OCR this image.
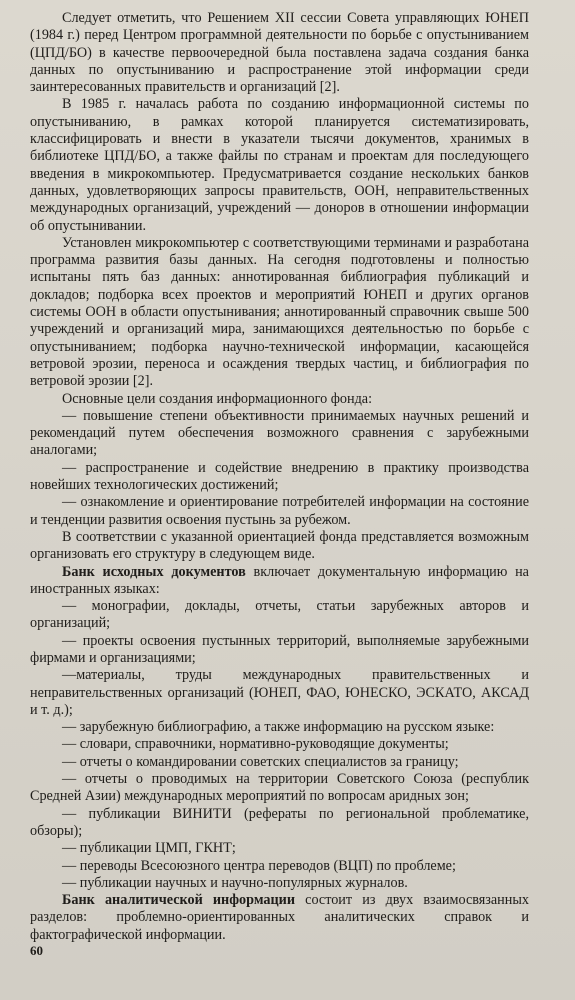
Следует отметить, что Решением XII сессии Совета управляющих ЮНЕП (1984 г.) перед Центром программной деятельности по борьбе с опустыниванием (ЦПД/БО) в качестве первоочередной была поставлена задача создания банка данных по опустыниванию и распространение этой информации среди заинтересованных правительств и организаций [2].

В 1985 г. началась работа по созданию информационной системы по опустыниванию, в рамках которой планируется систематизировать, классифицировать и внести в указатели тысячи документов, хранимых в библиотеке ЦПД/БО, а также файлы по странам и проектам для последующего введения в микрокомпьютер. Предусматривается создание нескольких банков данных, удовлетворяющих запросы правительств, ООН, неправительственных международных организаций, учреждений — доноров в отношении информации об опустынивании.

Установлен микрокомпьютер с соответствующими терминами и разработана программа развития базы данных. На сегодня подготовлены и полностью испытаны пять баз данных: аннотированная библиография публикаций и докладов; подборка всех проектов и мероприятий ЮНЕП и других органов системы ООН в области опустынивания; аннотированный справочник свыше 500 учреждений и организаций мира, занимающихся деятельностью по борьбе с опустыниванием; подборка научно-технической информации, касающейся ветровой эрозии, переноса и осаждения твердых частиц, и библиография по ветровой эрозии [2].

Основные цели создания информационного фонда:

— повышение степени объективности принимаемых научных решений и рекомендаций путем обеспечения возможного сравнения с зарубежными аналогами;

— распространение и содействие внедрению в практику производства новейших технологических достижений;

— ознакомление и ориентирование потребителей информации на состояние и тенденции развития освоения пустынь за рубежом.

В соответствии с указанной ориентацией фонда представляется возможным организовать его структуру в следующем виде.

Банк исходных документов включает документальную информацию на иностранных языках:

— монографии, доклады, отчеты, статьи зарубежных авторов и организаций;

— проекты освоения пустынных территорий, выполняемые зарубежными фирмами и организациями;

—материалы, труды международных правительственных и неправительственных организаций (ЮНЕП, ФАО, ЮНЕСКО, ЭСКАТО, АКСАД и т. д.);

— зарубежную библиографию, а также информацию на русском языке:

— словари, справочники, нормативно-руководящие документы;

— отчеты о командировании советских специалистов за границу;

— отчеты о проводимых на территории Советского Союза (республик Средней Азии) международных мероприятий по вопросам аридных зон;

— публикации ВИНИТИ (рефераты по региональной проблематике, обзоры);

— публикации ЦМП, ГКНТ;

— переводы Всесоюзного центра переводов (ВЦП) по проблеме;

— публикации научных и научно-популярных журналов.

Банк аналитической информации состоит из двух взаимосвязанных разделов: проблемно-ориентированных аналитических справок и фактографической информации.

60
